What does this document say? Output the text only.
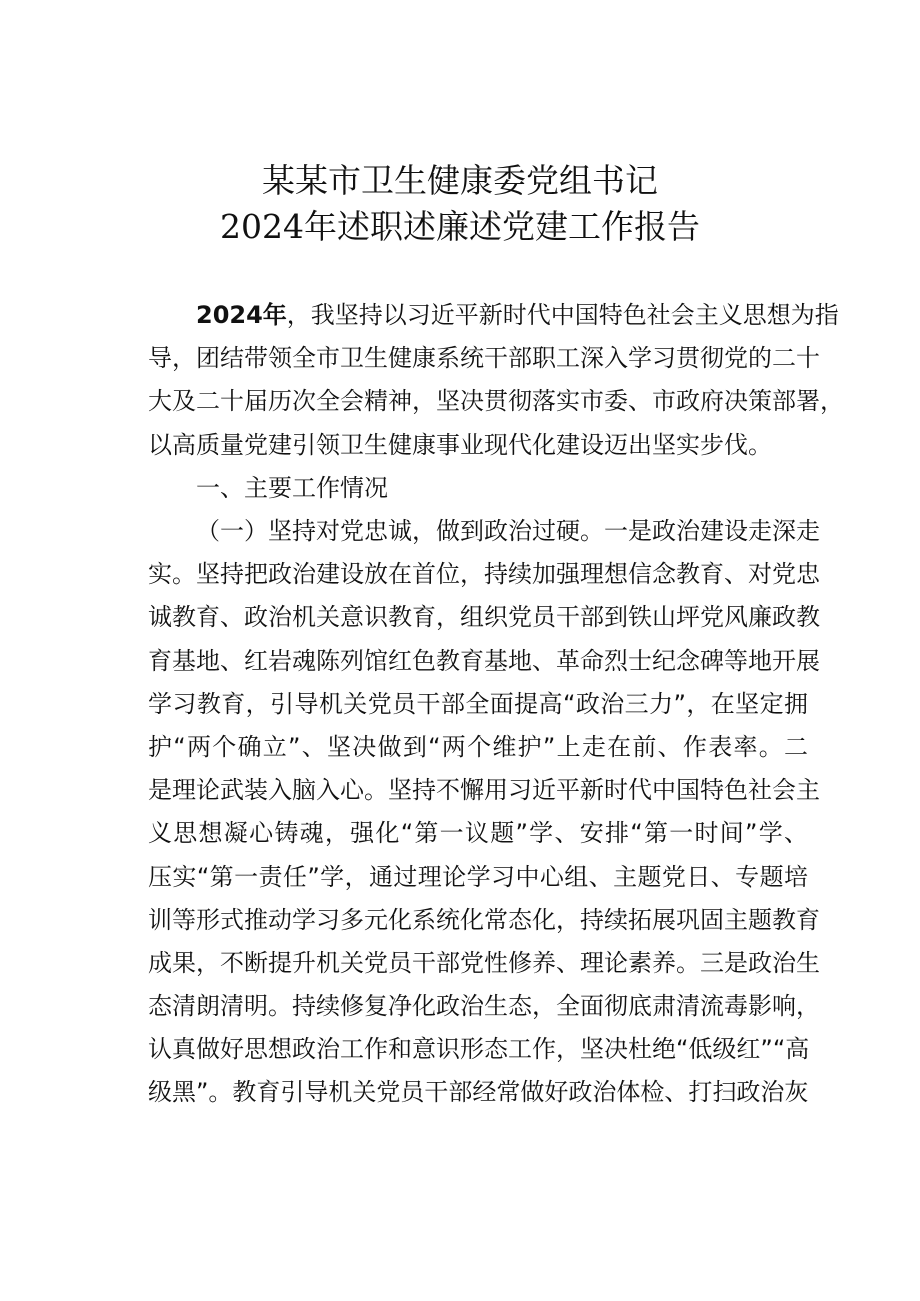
某某市卫生健康委党组书记
2024年述职述廉述党建工作报告
2024年，我坚持以习近平新时代中国特色社会主义思想为指
导，团结带领全市卫生健康系统干部职工深入学习贯彻党的二十
大及二十届历次全会精神，坚决贯彻落实市委、市政府决策部署，
以高质量党建引领卫生健康事业现代化建设迈出坚实步伐。
一、主要工作情况
（一）坚持对党忠诚，做到政治过硬。一是政治建设走深走
实。坚持把政治建设放在首位，持续加强理想信念教育、对党忠
诚教育、政治机关意识教育，组织党员干部到铁山坪党风廉政教
育基地、红岩魂陈列馆红色教育基地、革命烈士纪念碑等地开展
学习教育，引导机关党员干部全面提高“政治三力”，在坚定拥
护“两个确立”、坚决做到“两个维护”上走在前、作表率。二
是理论武装入脑入心。坚持不懈用习近平新时代中国特色社会主
义思想凝心铸魂，强化“第一议题”学、安排“第一时间”学、
压实“第一责任”学，通过理论学习中心组、主题党日、专题培
训等形式推动学习多元化系统化常态化，持续拓展巩固主题教育
成果，不断提升机关党员干部党性修养、理论素养。三是政治生
态清朗清明。持续修复净化政治生态，全面彻底肃清流毒影响，
认真做好思想政治工作和意识形态工作，坚决杜绝“低级红”“高
级黑”。教育引导机关党员干部经常做好政治体检、打扫政治灰
